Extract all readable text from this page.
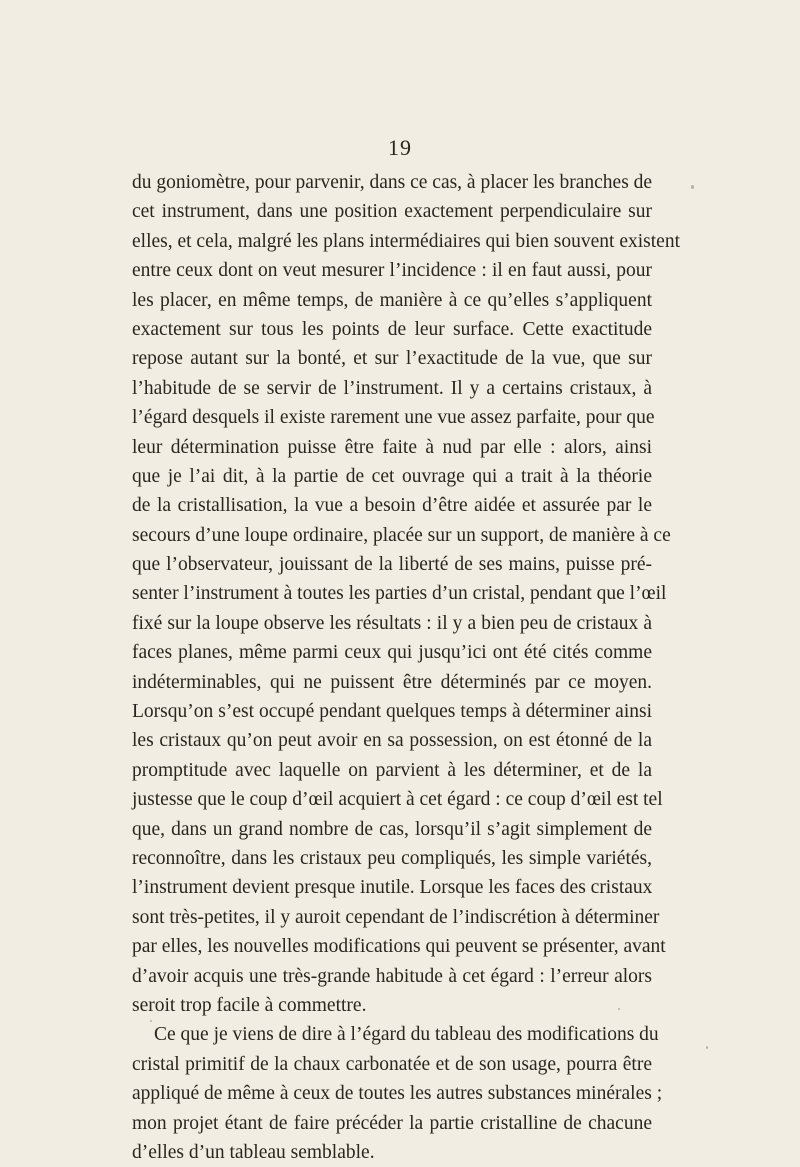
19
du goniomètre, pour parvenir, dans ce cas, à placer les branches de
cet instrument, dans une position exactement perpendiculaire sur
elles, et cela, malgré les plans intermédiaires qui bien souvent existent
entre ceux dont on veut mesurer l’incidence : il en faut aussi, pour
les placer, en même temps, de manière à ce qu’elles s’appliquent
exactement sur tous les points de leur surface. Cette exactitude
repose autant sur la bonté, et sur l’exactitude de la vue, que sur
l’habitude de se servir de l’instrument. Il y a certains cristaux, à
l’égard desquels il existe rarement une vue assez parfaite, pour que
leur détermination puisse être faite à nud par elle : alors, ainsi
que je l’ai dit, à la partie de cet ouvrage qui a trait à la théorie
de la cristallisation, la vue a besoin d’être aidée et assurée par le
secours d’une loupe ordinaire, placée sur un support, de manière à ce
que l’observateur, jouissant de la liberté de ses mains, puisse pré-
senter l’instrument à toutes les parties d’un cristal, pendant que l’œil
fixé sur la loupe observe les résultats : il y a bien peu de cristaux à
faces planes, même parmi ceux qui jusqu’ici ont été cités comme
indéterminables, qui ne puissent être déterminés par ce moyen.
Lorsqu’on s’est occupé pendant quelques temps à déterminer ainsi
les cristaux qu’on peut avoir en sa possession, on est étonné de la
promptitude avec laquelle on parvient à les déterminer, et de la
justesse que le coup d’œil acquiert à cet égard : ce coup d’œil est tel
que, dans un grand nombre de cas, lorsqu’il s’agit simplement de
reconnoître, dans les cristaux peu compliqués, les simple variétés,
l’instrument devient presque inutile. Lorsque les faces des cristaux
sont très-petites, il y auroit cependant de l’indiscrétion à déterminer
par elles, les nouvelles modifications qui peuvent se présenter, avant
d’avoir acquis une très-grande habitude à cet égard : l’erreur alors
seroit trop facile à commettre.
Ce que je viens de dire à l’égard du tableau des modifications du
cristal primitif de la chaux carbonatée et de son usage, pourra être
appliqué de même à ceux de toutes les autres substances minérales ;
mon projet étant de faire précéder la partie cristalline de chacune
d’elles d’un tableau semblable.
